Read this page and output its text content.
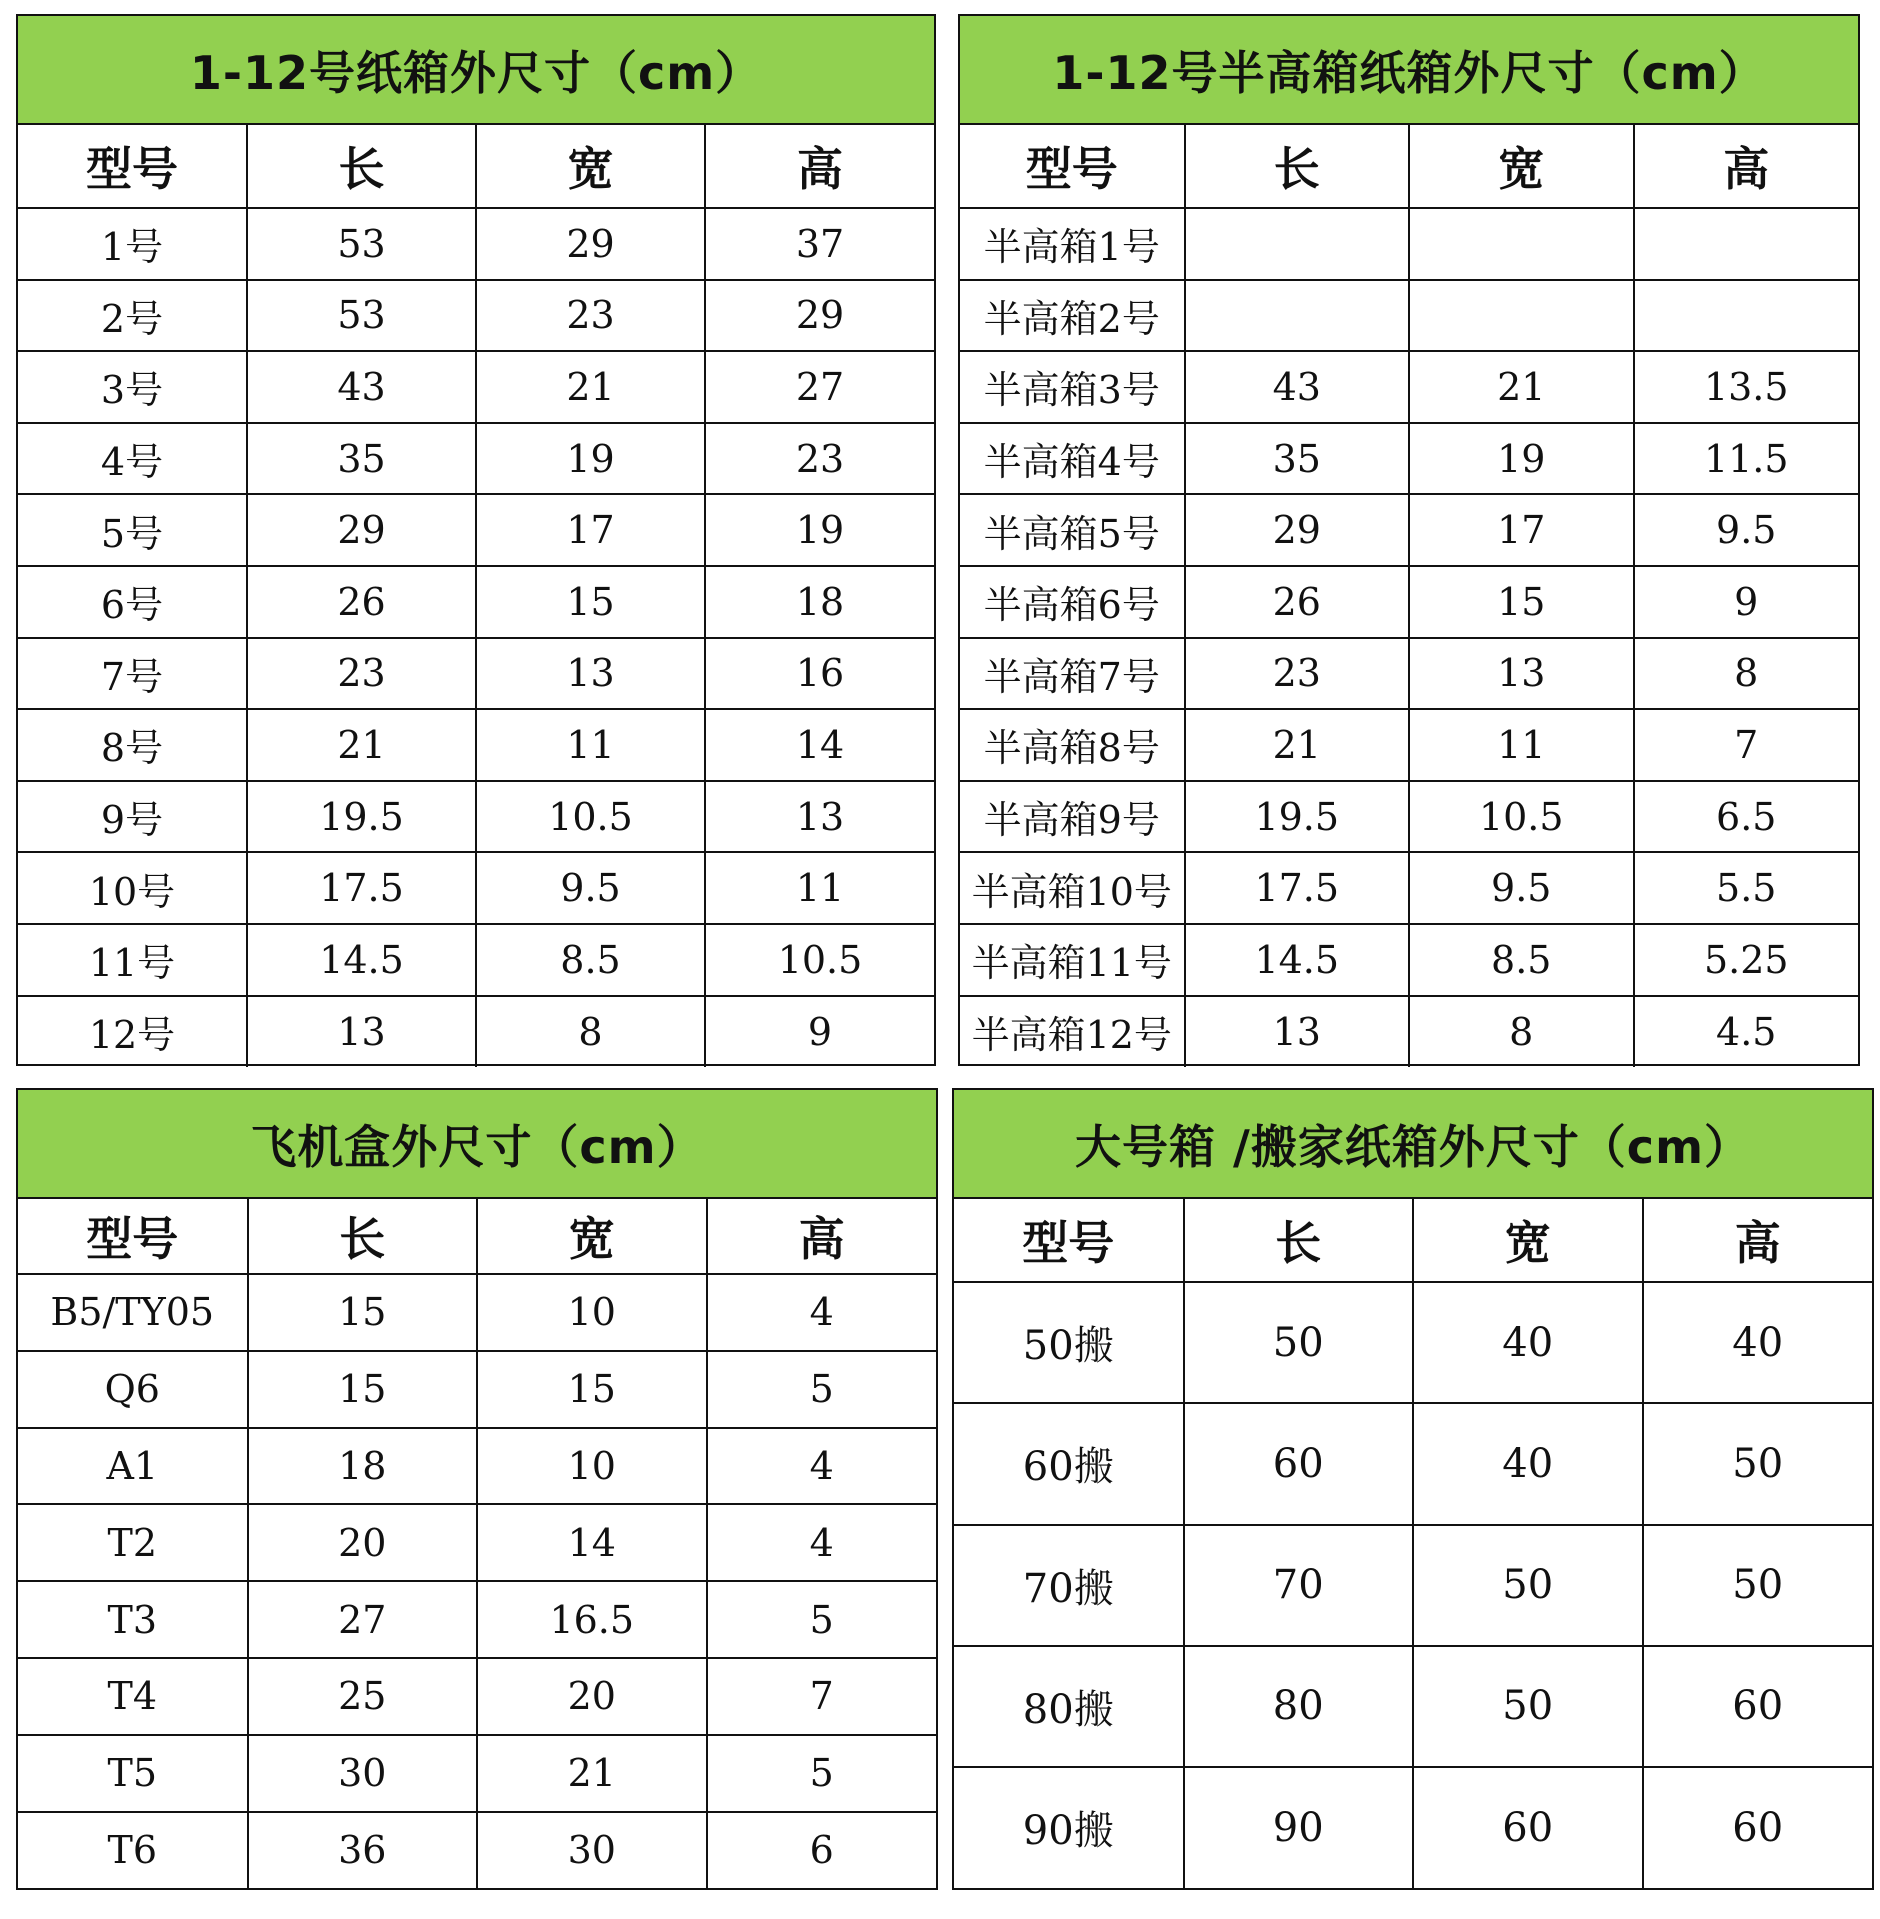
1-12号纸箱外尺寸（cm）			
型号	长	宽	高
1号	53	29	37
2号	53	23	29
3号	43	21	27
4号	35	19	23
5号	29	17	19
6号	26	15	18
7号	23	13	16
8号	21	11	14
9号	19.5	10.5	13
10号	17.5	9.5	11
11号	14.5	8.5	10.5
12号	13	8	9
1-12号半高箱纸箱外尺寸（cm）			
型号	长	宽	高
半高箱1号			
半高箱2号			
半高箱3号	43	21	13.5
半高箱4号	35	19	11.5
半高箱5号	29	17	9.5
半高箱6号	26	15	9
半高箱7号	23	13	8
半高箱8号	21	11	7
半高箱9号	19.5	10.5	6.5
半高箱10号	17.5	9.5	5.5
半高箱11号	14.5	8.5	5.25
半高箱12号	13	8	4.5
飞机盒外尺寸（cm）			
型号	长	宽	高
B5/TY05	15	10	4
Q6	15	15	5
A1	18	10	4
T2	20	14	4
T3	27	16.5	5
T4	25	20	7
T5	30	21	5
T6	36	30	6
大号箱 /搬家纸箱外尺寸（cm）			
型号	长	宽	高
50搬	50	40	40
60搬	60	40	50
70搬	70	50	50
80搬	80	50	60
90搬	90	60	60
